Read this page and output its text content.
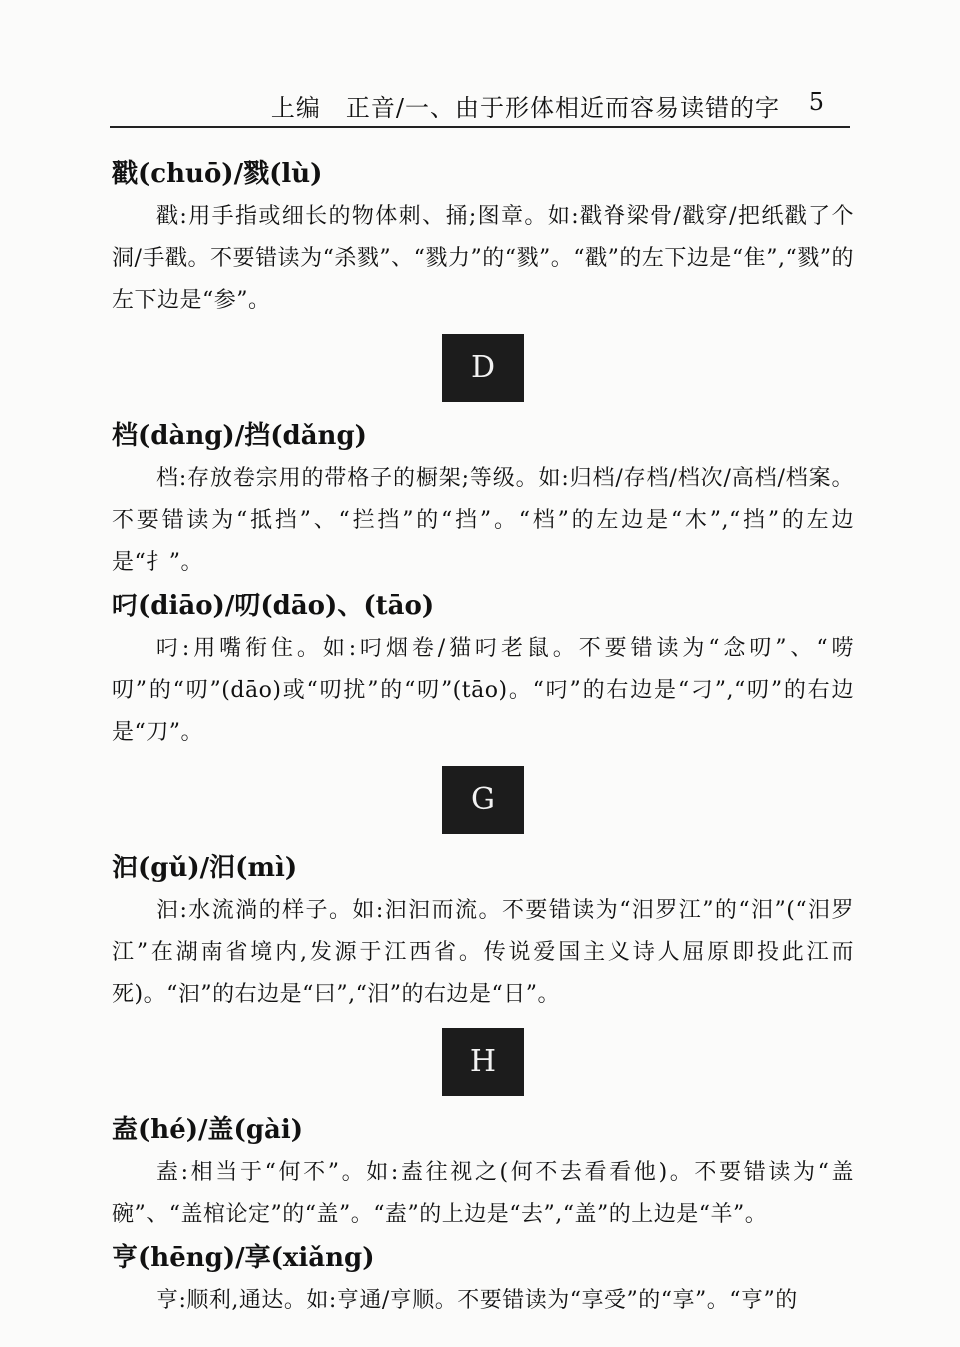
上编　正音/一、由于形体相近而容易读错的字 5

戳(chuō)/戮(lù)

戳:用手指或细长的物体刺、捅;图章。如:戳脊梁骨/戳穿/把纸戳了个洞/手戳。不要错读为“杀戮”、“戮力”的“戮”。“戳”的左下边是“隹”,“戮”的左下边是“参”。

D

档(dàng)/挡(dǎng)

档:存放卷宗用的带格子的橱架;等级。如:归档/存档/档次/高档/档案。不要错读为“抵挡”、“拦挡”的“挡”。“档”的左边是“木”,“挡”的左边是“扌”。

叼(diāo)/叨(dāo)、(tāo)

叼:用嘴衔住。如:叼烟卷/猫叼老鼠。不要错读为“念叨”、“唠叨”的“叨”(dāo)或“叨扰”的“叨”(tāo)。“叼”的右边是“刁”,“叨”的右边是“刀”。

G

汩(gǔ)/汨(mì)

汩:水流淌的样子。如:汩汩而流。不要错读为“汨罗江”的“汨”(“汨罗江”在湖南省境内,发源于江西省。传说爱国主义诗人屈原即投此江而死)。“汩”的右边是“曰”,“汨”的右边是“日”。

H

盍(hé)/盖(gài)

盍:相当于“何不”。如:盍往视之(何不去看看他)。不要错读为“盖碗”、“盖棺论定”的“盖”。“盍”的上边是“去”,“盖”的上边是“羊”。

亨(hēng)/享(xiǎng)

亨:顺利,通达。如:亨通/亨顺。不要错读为“享受”的“享”。“亨”的
